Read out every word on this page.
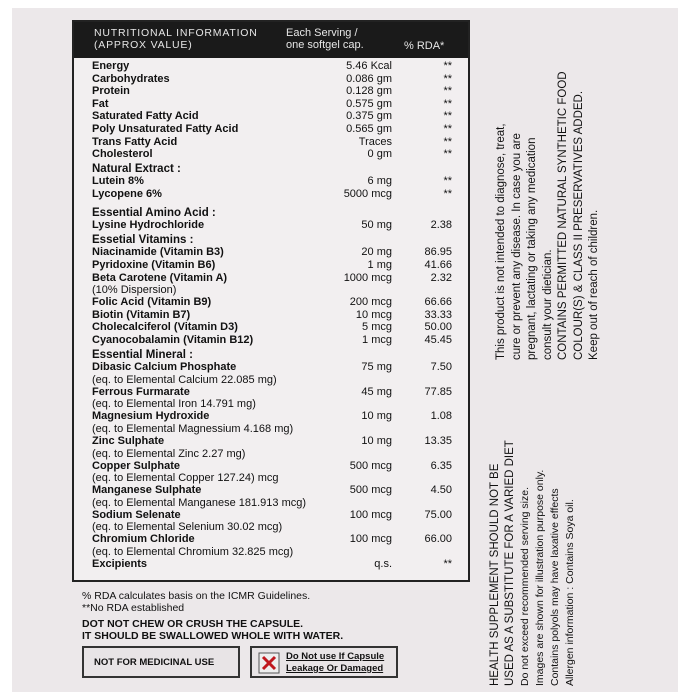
NUTRITIONAL INFORMATION
(APPROX VALUE)
Each Serving /
one softgel cap.	% RDA*
Energy	5.46 Kcal	**
Carbohydrates	0.086 gm	**
Protein	0.128 gm	**
Fat	0.575 gm	**
Saturated Fatty Acid	0.375 gm	**
Poly Unsaturated Fatty Acid	0.565 gm	**
Trans Fatty Acid	Traces	**
Cholesterol	0 gm	**
Natural Extract :
Lutein 8%	6 mg	**
Lycopene 6%	5000 mcg	**
Essential Amino Acid :
Lysine Hydrochloride	50 mg	2.38
Essetial Vitamins :
Niacinamide (Vitamin B3)	20 mg	86.95
Pyridoxine (Vitamin B6)	1 mg	41.66
Beta Carotene (Vitamin A)	1000 mcg	2.32
(10% Dispersion)
Folic Acid (Vitamin B9)	200 mcg	66.66
Biotin (Vitamin B7)	10 mcg	33.33
Cholecalciferol (Vitamin D3)	5 mcg	50.00
Cyanocobalamin (Vitamin B12)	1 mcg	45.45
Essential Mineral :
Dibasic Calcium Phosphate	75 mg	7.50
(eq. to Elemental Calcium 22.085 mg)
Ferrous Furmarate	45 mg	77.85
(eq. to Elemental Iron 14.791 mg)
Magnesium Hydroxide	10 mg	1.08
(eq. to Elemental Magnessium 4.168 mg)
Zinc Sulphate	10 mg	13.35
(eq. to Elemental Zinc 2.27 mg)
Copper Sulphate	500 mcg	6.35
(eq. to Elemental Copper 127.24) mcg
Manganese Sulphate	500 mcg	4.50
(eq. to Elemental Manganese 181.913 mcg)
Sodium Selenate	100 mcg	75.00
(eq. to Elemental Selenium 30.02 mcg)
Chromium Chloride	100 mcg	66.00
(eq. to Elemental Chromium 32.825 mcg)
Excipients	q.s.	**
% RDA calculates basis on the ICMR Guidelines.
**No RDA established
DOT NOT CHEW OR CRUSH THE CAPSULE.
IT SHOULD BE SWALLOWED WHOLE WITH WATER.
NOT FOR MEDICINAL USE
Do Not use If Capsule
Leakage Or Damaged
This product is not intended to diagnose, treat, cure or prevent any disease. In case you are pregnant, lactating or taking any medication consult your dietician. CONTAINS PERMITTED NATURAL SYNTHETIC FOOD COLOUR(S) & CLASS II PRESERVATIVES ADDED. Keep out of reach of children.
HEALTH SUPPLEMENT SHOULD NOT BE USED AS A SUBSTITUTE FOR A VARIED DIET Do not exceed recommended serving size. Images are shown for illustration purpose only. Contains polyols may have laxative effects Allergen information : Contains Soya oil.
